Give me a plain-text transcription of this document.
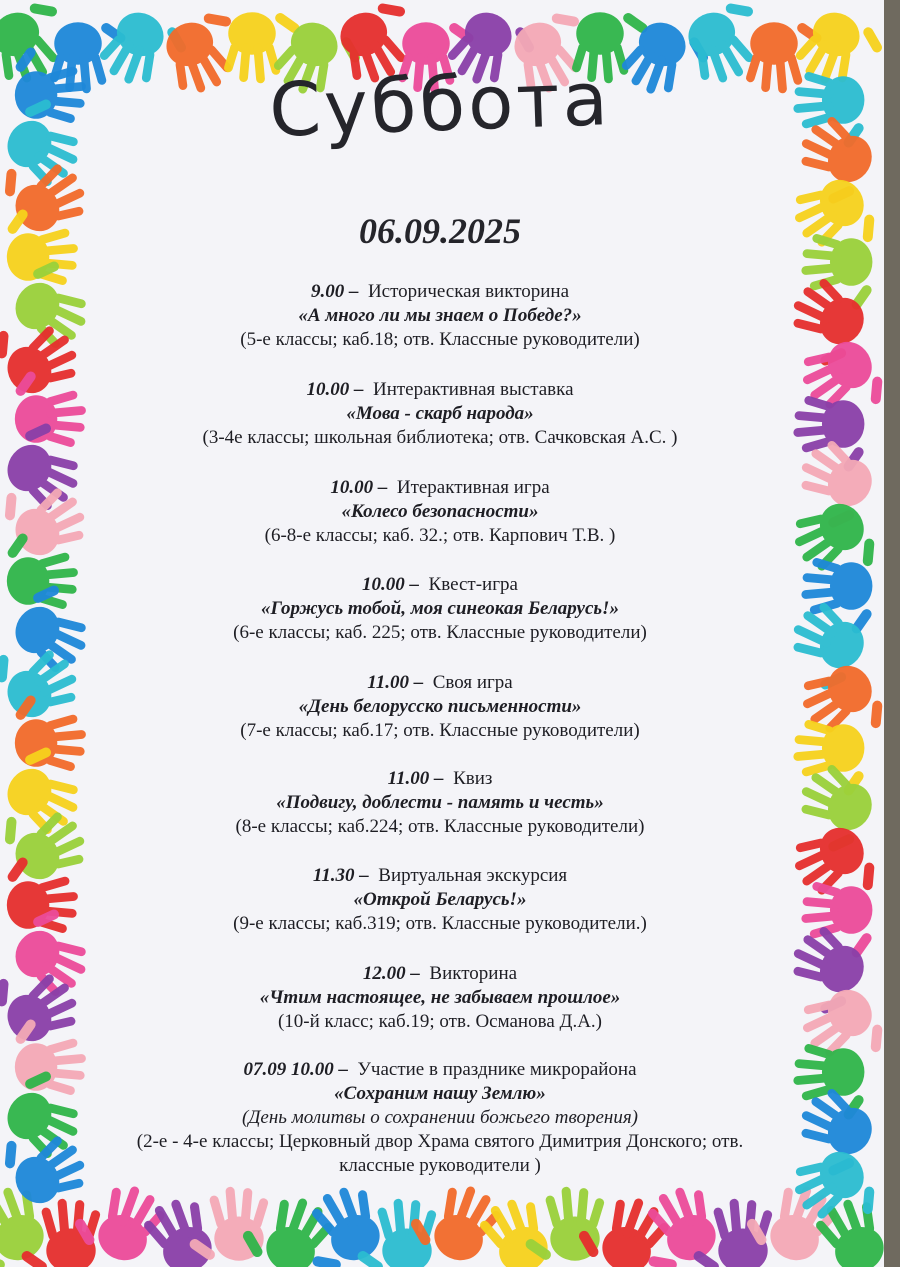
Суббота
06.09.2025
9.00 – Историческая викторина
«А много ли мы знаем о Победе?»
(5-е классы; каб.18; отв. Классные руководители)
10.00 – Интерактивная выставка
«Мова - скарб народа»
(3-4е классы; школьная библиотека; отв. Сачковская А.С. )
10.00 – Итерактивная игра
«Колесо безопасности»
(6-8-е классы; каб. 32.; отв. Карпович Т.В. )
10.00 – Квест-игра
«Горжусь тобой, моя синеокая Беларусь!»
(6-е классы; каб. 225; отв. Классные руководители)
11.00 – Своя игра
«День белорусско письменности»
(7-е классы; каб.17; отв. Классные руководители)
11.00 – Квиз
«Подвигу, доблести - память и честь»
(8-е классы; каб.224; отв. Классные руководители)
11.30 – Виртуальная экскурсия
«Открой Беларусь!»
(9-е классы; каб.319; отв. Классные руководители.)
12.00 – Викторина
«Чтим настоящее, не забываем прошлое»
(10-й класс; каб.19; отв. Османова Д.А.)
07.09 10.00 – Участие в празднике микрорайона
«Сохраним нашу Землю»
(День молитвы о сохранении божьего творения)
(2-е - 4-е классы; Церковный двор Храма святого Димитрия Донского; отв.
классные руководители )
